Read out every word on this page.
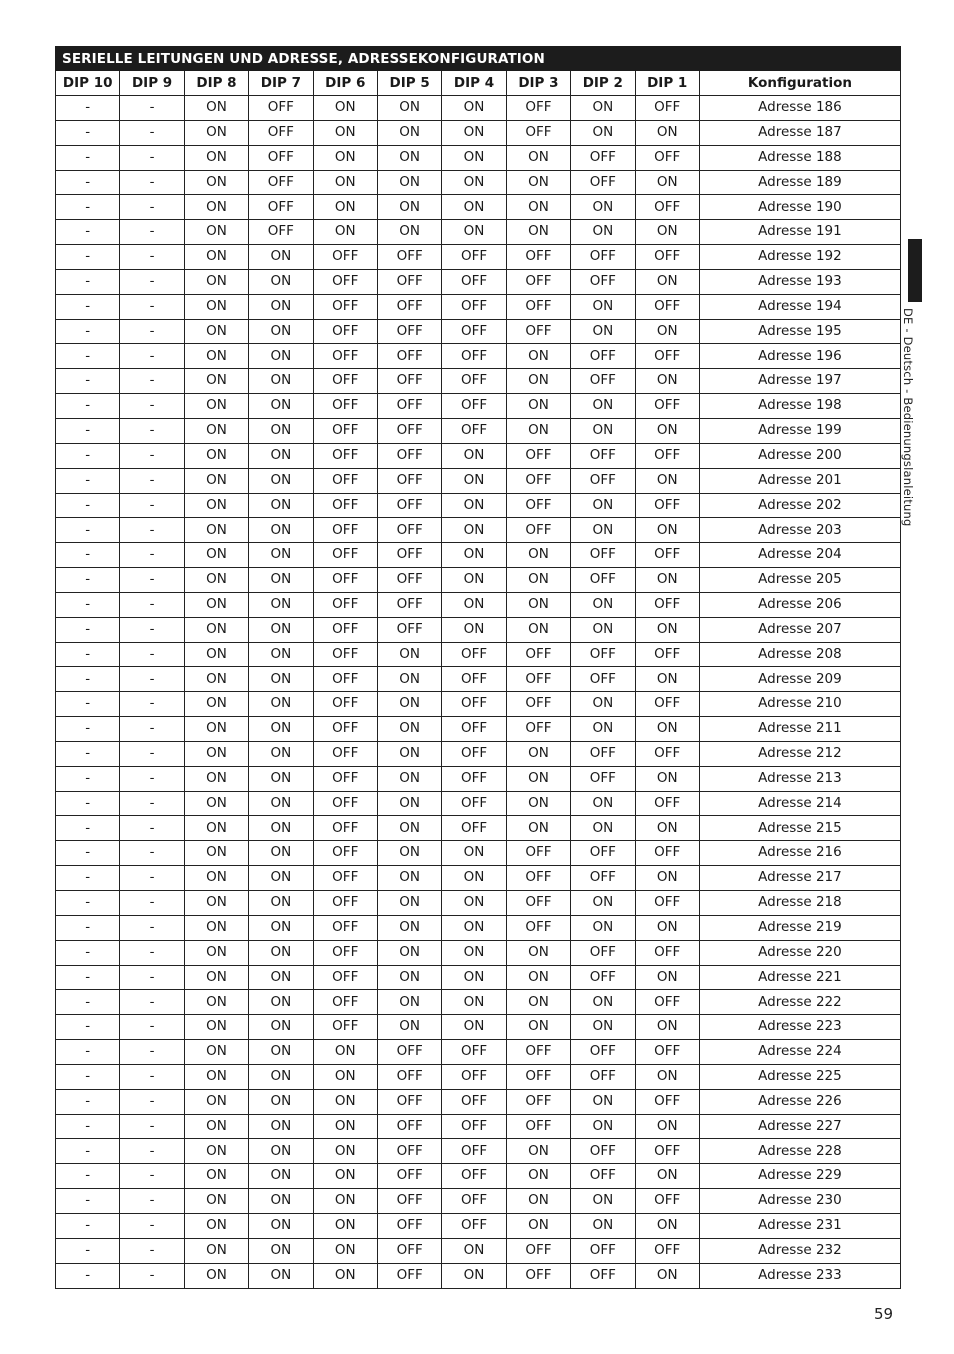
SERIELLE LEITUNGEN UND ADRESSE, ADRESSEKONFIGURATION										
DIP 10	DIP 9	DIP 8	DIP 7	DIP 6	DIP 5	DIP 4	DIP 3	DIP 2	DIP 1	Konfiguration
-	-	ON	OFF	ON	ON	ON	OFF	ON	OFF	Adresse 186
-	-	ON	OFF	ON	ON	ON	OFF	ON	ON	Adresse 187
-	-	ON	OFF	ON	ON	ON	ON	OFF	OFF	Adresse 188
-	-	ON	OFF	ON	ON	ON	ON	OFF	ON	Adresse 189
-	-	ON	OFF	ON	ON	ON	ON	ON	OFF	Adresse 190
-	-	ON	OFF	ON	ON	ON	ON	ON	ON	Adresse 191
-	-	ON	ON	OFF	OFF	OFF	OFF	OFF	OFF	Adresse 192
-	-	ON	ON	OFF	OFF	OFF	OFF	OFF	ON	Adresse 193
-	-	ON	ON	OFF	OFF	OFF	OFF	ON	OFF	Adresse 194
-	-	ON	ON	OFF	OFF	OFF	OFF	ON	ON	Adresse 195
-	-	ON	ON	OFF	OFF	OFF	ON	OFF	OFF	Adresse 196
-	-	ON	ON	OFF	OFF	OFF	ON	OFF	ON	Adresse 197
-	-	ON	ON	OFF	OFF	OFF	ON	ON	OFF	Adresse 198
-	-	ON	ON	OFF	OFF	OFF	ON	ON	ON	Adresse 199
-	-	ON	ON	OFF	OFF	ON	OFF	OFF	OFF	Adresse 200
-	-	ON	ON	OFF	OFF	ON	OFF	OFF	ON	Adresse 201
-	-	ON	ON	OFF	OFF	ON	OFF	ON	OFF	Adresse 202
-	-	ON	ON	OFF	OFF	ON	OFF	ON	ON	Adresse 203
-	-	ON	ON	OFF	OFF	ON	ON	OFF	OFF	Adresse 204
-	-	ON	ON	OFF	OFF	ON	ON	OFF	ON	Adresse 205
-	-	ON	ON	OFF	OFF	ON	ON	ON	OFF	Adresse 206
-	-	ON	ON	OFF	OFF	ON	ON	ON	ON	Adresse 207
-	-	ON	ON	OFF	ON	OFF	OFF	OFF	OFF	Adresse 208
-	-	ON	ON	OFF	ON	OFF	OFF	OFF	ON	Adresse 209
-	-	ON	ON	OFF	ON	OFF	OFF	ON	OFF	Adresse 210
-	-	ON	ON	OFF	ON	OFF	OFF	ON	ON	Adresse 211
-	-	ON	ON	OFF	ON	OFF	ON	OFF	OFF	Adresse 212
-	-	ON	ON	OFF	ON	OFF	ON	OFF	ON	Adresse 213
-	-	ON	ON	OFF	ON	OFF	ON	ON	OFF	Adresse 214
-	-	ON	ON	OFF	ON	OFF	ON	ON	ON	Adresse 215
-	-	ON	ON	OFF	ON	ON	OFF	OFF	OFF	Adresse 216
-	-	ON	ON	OFF	ON	ON	OFF	OFF	ON	Adresse 217
-	-	ON	ON	OFF	ON	ON	OFF	ON	OFF	Adresse 218
-	-	ON	ON	OFF	ON	ON	OFF	ON	ON	Adresse 219
-	-	ON	ON	OFF	ON	ON	ON	OFF	OFF	Adresse 220
-	-	ON	ON	OFF	ON	ON	ON	OFF	ON	Adresse 221
-	-	ON	ON	OFF	ON	ON	ON	ON	OFF	Adresse 222
-	-	ON	ON	OFF	ON	ON	ON	ON	ON	Adresse 223
-	-	ON	ON	ON	OFF	OFF	OFF	OFF	OFF	Adresse 224
-	-	ON	ON	ON	OFF	OFF	OFF	OFF	ON	Adresse 225
-	-	ON	ON	ON	OFF	OFF	OFF	ON	OFF	Adresse 226
-	-	ON	ON	ON	OFF	OFF	OFF	ON	ON	Adresse 227
-	-	ON	ON	ON	OFF	OFF	ON	OFF	OFF	Adresse 228
-	-	ON	ON	ON	OFF	OFF	ON	OFF	ON	Adresse 229
-	-	ON	ON	ON	OFF	OFF	ON	ON	OFF	Adresse 230
-	-	ON	ON	ON	OFF	OFF	ON	ON	ON	Adresse 231
-	-	ON	ON	ON	OFF	ON	OFF	OFF	OFF	Adresse 232
-	-	ON	ON	ON	OFF	ON	OFF	OFF	ON	Adresse 233
DE - Deutsch - Bedienungslanleitung
59
